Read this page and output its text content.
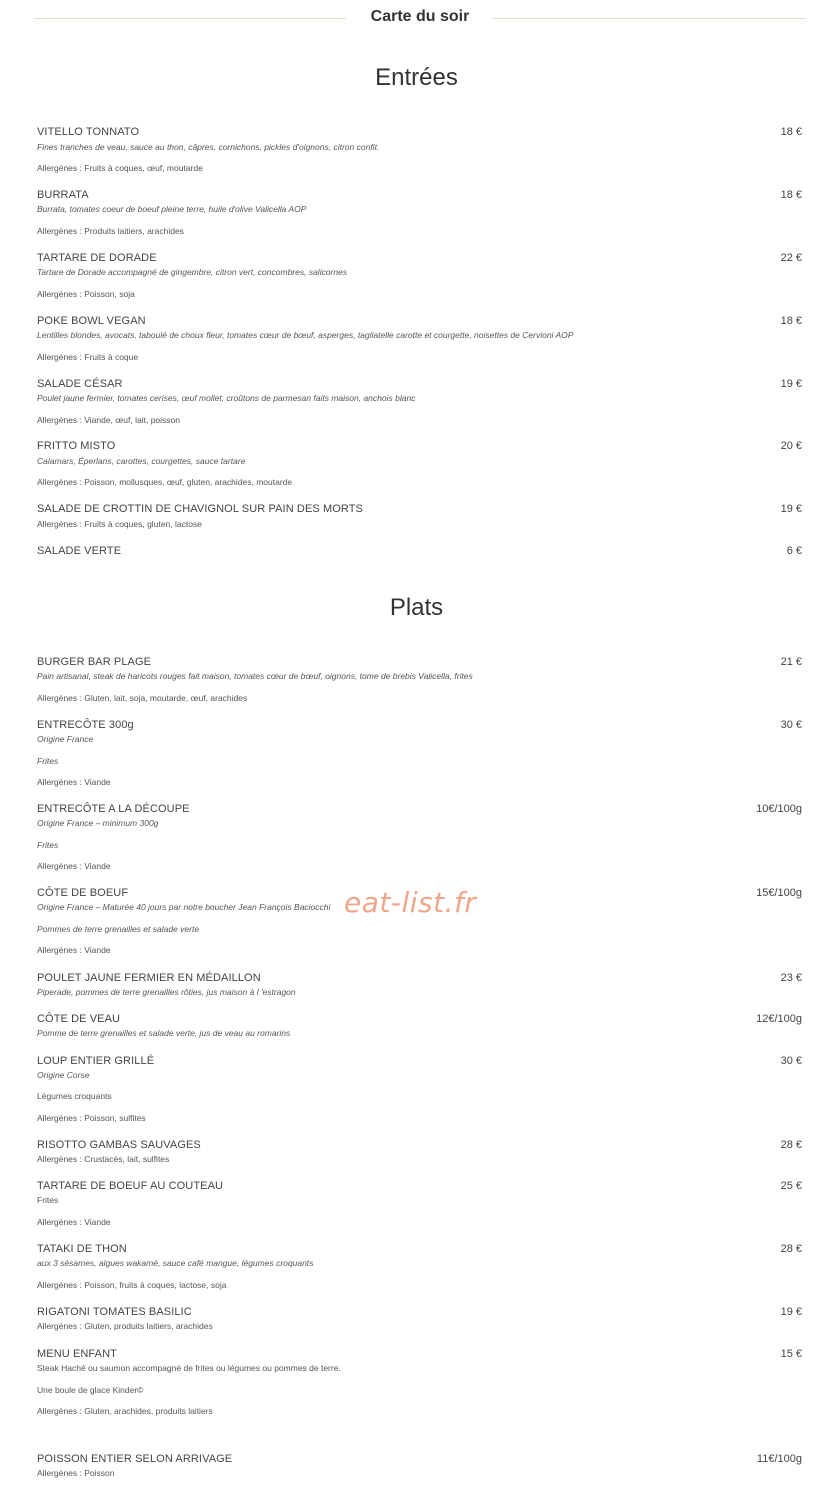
Carte du soir
Entrées
VITELLO TONNATO	18 €
Fines tranches de veau, sauce au thon, câpres, cornichons, pickles d'oignons, citron confit.
Allergènes : Fruits à coques, œuf, moutarde
BURRATA	18 €
Burrata, tomates coeur de boeuf pleine terre, huile d'olive Valicella AOP
Allergènes : Produits laitiers, arachides
TARTARE DE DORADE	22 €
Tartare de Dorade accompagné de gingembre, citron vert, concombres, salicornes
Allergènes : Poisson, soja
POKE BOWL VEGAN	18 €
Lentilles blondes, avocats, taboulé de choux fleur, tomates cœur de bœuf, asperges, tagliatelle carotte et courgette, noisettes de Cervioni AOP
Allergènes : Fruits à coque
SALADE CÉSAR	19 €
Poulet jaune fermier, tomates cerises, œuf mollet, croûtons de parmesan faits maison, anchois blanc
Allergènes : Viande, œuf, lait, poisson
FRITTO MISTO	20 €
Calamars, Éperlans, carottes, courgettes, sauce tartare
Allergènes : Poisson, mollusques, œuf, gluten, arachides, moutarde
SALADE DE CROTTIN DE CHAVIGNOL SUR PAIN DES MORTS	19 €
Allergènes : Fruits à coques, gluten, lactose
SALADE VERTE	6 €
Plats
BURGER BAR PLAGE	21 €
Pain artisanal, steak de haricots rouges fait maison, tomates cœur de bœuf, oignons, tome de brebis Valicella, frites
Allergènes : Gluten, lait, soja, moutarde, œuf, arachides
ENTRECÔTE 300g	30 €
Origine France
Frites
Allergènes : Viande
ENTRECÔTE A LA DÉCOUPE	10€/100g
Origine France – minimum 300g
Frites
Allergènes : Viande
CÔTE DE BOEUF	15€/100g
Origine France – Maturée 40 jours par notre boucher Jean François Baciocchi
Pommes de terre grenailles et salade verte
Allergènes : Viande
POULET JAUNE FERMIER EN MÉDAILLON	23 €
Piperade, pommes de terre grenailles rôties, jus maison à l 'estragon
CÔTE DE VEAU	12€/100g
Pomme de terre grenailles et salade verte, jus de veau au romarins
LOUP ENTIER GRILLÉ	30 €
Origine Corse
Légumes croquants
Allergènes : Poisson, sulfites
RISOTTO GAMBAS SAUVAGES	28 €
Allergènes : Crustacés, lait, sulfites
TARTARE DE BOEUF AU COUTEAU	25 €
Frites
Allergènes : Viande
TATAKI DE THON	28 €
aux 3 sésames, algues wakamé, sauce café mangue, légumes croquants
Allergènes : Poisson, fruits à coques, lactose, soja
RIGATONI TOMATES BASILIC	19 €
Allergènes : Gluten, produits laitiers, arachides
MENU ENFANT	15 €
Steak Haché ou saumon accompagné de frites ou légumes ou pommes de terre.
Une boule de glace Kinder©
Allergènes : Gluten, arachides, produits laitiers
POISSON ENTIER SELON ARRIVAGE	11€/100g
Allergènes : Poisson
eat-list.fr
